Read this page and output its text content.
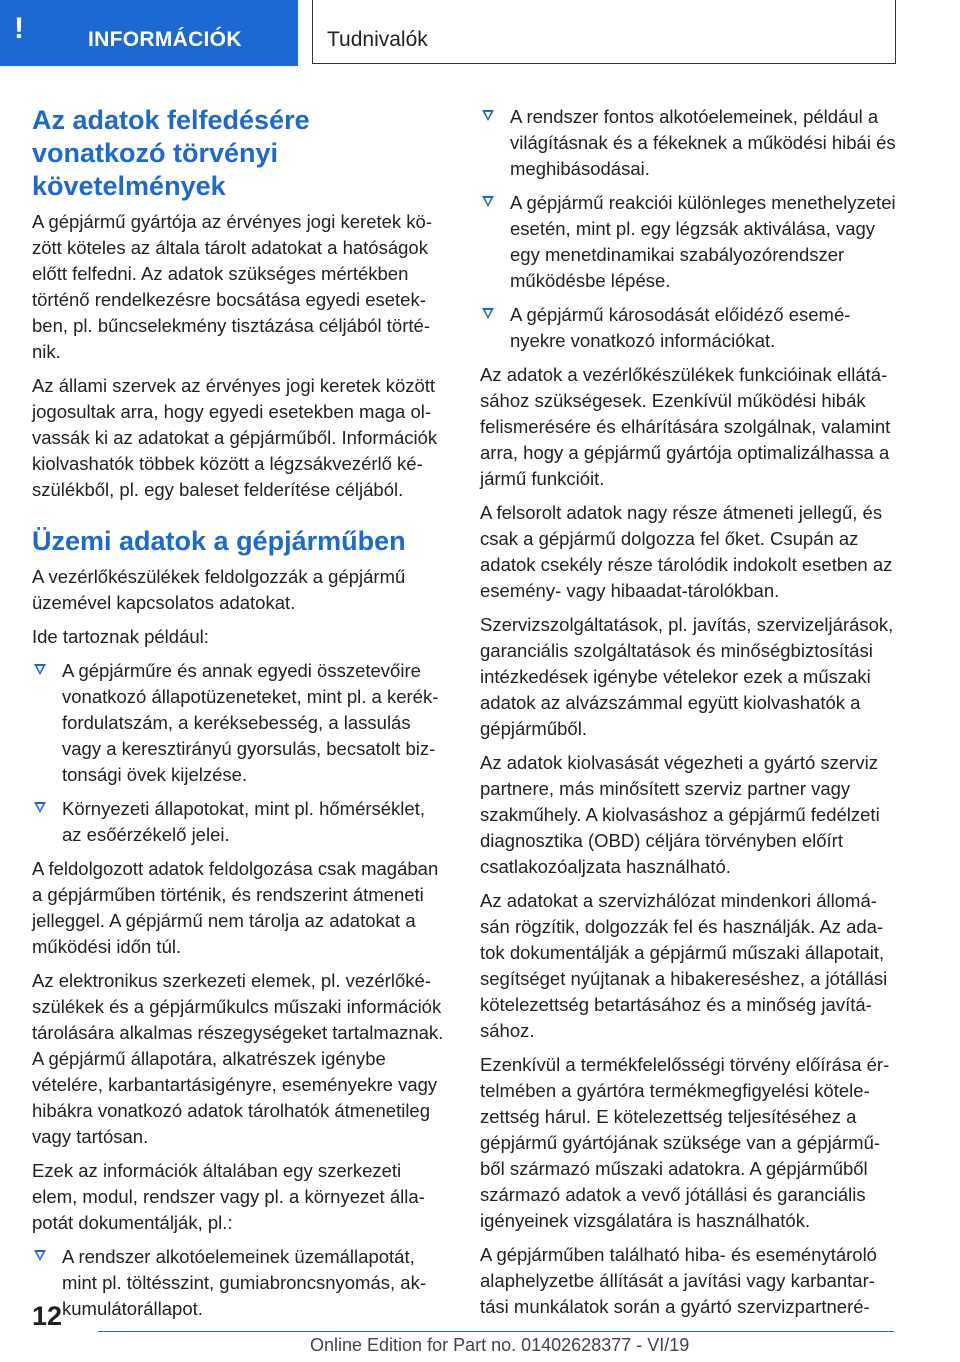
!	INFORMÁCIÓK	Tudnivalók
Az adatok felfedésére vonatkozó törvényi követelmények

A gépjármű gyártója az érvényes jogi keretek között köteles az általa tárolt adatokat a hatóságok előtt felfedni. Az adatok szükséges mértékben történő rendelkezésre bocsátása egyedi esetekben, pl. bűncselekmény tisztázása céljából történik.

Az állami szervek az érvényes jogi keretek között jogosultak arra, hogy egyedi esetekben maga olvassák ki az adatokat a gépjárműből. Információk kiolvashatók többek között a légzsákvezérlő készülékből, pl. egy baleset felderítése céljából.

Üzemi adatok a gépjárműben

A vezérlőkészülékek feldolgozzák a gépjármű üzemével kapcsolatos adatokat.

Ide tartoznak például:

A gépjárműre és annak egyedi összetevőire vonatkozó állapotüzeneteket, mint pl. a kerékfordulatszám, a keréksebesség, a lassulás vagy a keresztirányú gyorsulás, becsatolt biztonsági övek kijelzése.
Környezeti állapotokat, mint pl. hőmérséklet, az esőérzékelő jelei.

A feldolgozott adatok feldolgozása csak magában a gépjárműben történik, és rendszerint átmeneti jelleggel. A gépjármű nem tárolja az adatokat a működési időn túl.

Az elektronikus szerkezeti elemek, pl. vezérlőkészülékek és a gépjárműkulcs műszaki információk tárolására alkalmas részegységeket tartalmaznak. A gépjármű állapotára, alkatrészek igénybe vételére, karbantartásigényre, eseményekre vagy hibákra vonatkozó adatok tárolhatók átmenetileg vagy tartósan.

Ezek az információk általában egy szerkezeti elem, modul, rendszer vagy pl. a környezet állapotát dokumentálják, pl.:

A rendszer alkotóelemeinek üzemállapotát, mint pl. töltésszint, gumiabroncsnyomás, akkumulátorállapot.
A rendszer fontos alkotóelemeinek, például a világításnak és a fékeknek a működési hibái és meghibásodásai.
A gépjármű reakciói különleges menethelyzetei esetén, mint pl. egy légzsák aktiválása, vagy egy menetdinamikai szabályozórendszer működésbe lépése.
A gépjármű károsodását előidéző eseményekre vonatkozó információkat.

Az adatok a vezérlőkészülékek funkcióinak ellátásához szükségesek. Ezenkívül működési hibák felismerésére és elhárítására szolgálnak, valamint arra, hogy a gépjármű gyártója optimalizálhassa a jármű funkcióit.

A felsorolt adatok nagy része átmeneti jellegű, és csak a gépjármű dolgozza fel őket. Csupán az adatok csekély része tárolódik indokolt esetben az esemény- vagy hibaadat-tárolókban.

Szervizszolgáltatások, pl. javítás, szervizeljárások, garanciális szolgáltatások és minőségbiztosítási intézkedések igénybe vételekor ezek a műszaki adatok az alvázszámmal együtt kiolvashatók a gépjárműből.

Az adatok kiolvasását végezheti a gyártó szerviz partnere, más minősített szerviz partner vagy szakműhely. A kiolvasáshoz a gépjármű fedélzeti diagnosztika (OBD) céljára törvényben előírt csatlakozóaljzata használható.

Az adatokat a szervizhálózat mindenkori állomásán rögzítik, dolgozzák fel és használják. Az adatok dokumentálják a gépjármű műszaki állapotait, segítséget nyújtanak a hibakereséshez, a jótállási kötelezettség betartásához és a minőség javításához.

Ezenkívül a termékfelelősségi törvény előírása értelmében a gyártóra termékmegfigyelési kötelezettség hárul. E kötelezettség teljesítéséhez a gépjármű gyártójának szüksége van a gépjárműből származó műszaki adatokra. A gépjárműből származó adatok a vevő jótállási és garanciális igényeinek vizsgálatára is használhatók.

A gépjárműben található hiba- és eseménytároló alaphelyzetbe állítását a javítási vagy karbantartási munkálatok során a gyártó szervizpartneré-

12
Online Edition for Part no. 01402628377 - VI/19
